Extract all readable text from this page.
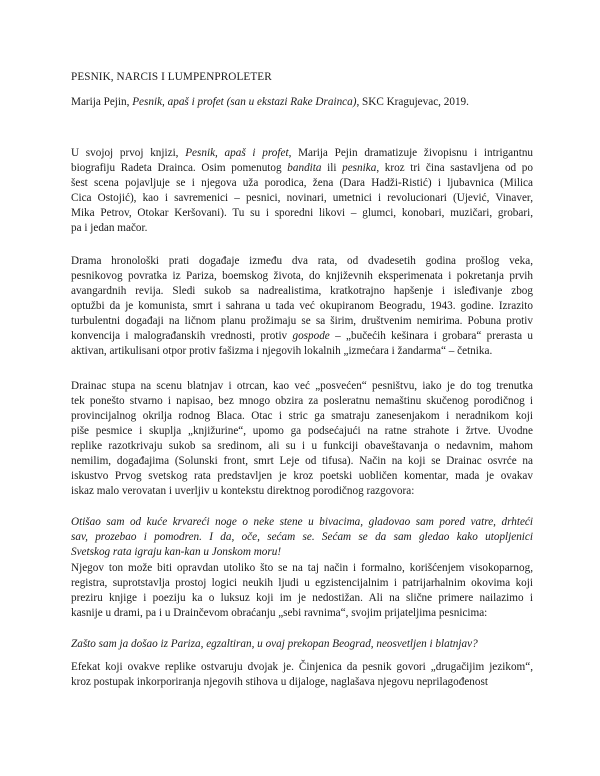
PESNIK, NARCIS I LUMPENPROLETER
Marija Pejin, Pesnik, apaš i profet (san u ekstazi Rake Drainca), SKC Kragujevac, 2019.

U svojoj prvoj knjizi, Pesnik, apaš i profet, Marija Pejin dramatizuje živopisnu i intrigantnu
biografiju Radeta Drainca. Osim pomenutog bandita ili pesnika, kroz tri čina sastavljena od po
šest scena pojavljuje se i njegova uža porodica, žena (Dara Hadži-Ristić) i ljubavnica (Milica
Cica Ostojić), kao i savremenici – pesnici, novinari, umetnici i revolucionari (Ujević, Vinaver,
Mika Petrov, Otokar Keršovani). Tu su i sporedni likovi – glumci, konobari, muzičari, grobari,
pa i jedan mačor.

Drama hronološki prati događaje između dva rata, od dvadesetih godina prošlog veka,
pesnikovog povratka iz Pariza, boemskog života, do književnih eksperimenata i pokretanja prvih
avangardnih revija. Sledi sukob sa nadrealistima, kratkotrajno hapšenje i isleđivanje zbog
optužbi da je komunista, smrt i sahrana u tada već okupiranom Beogradu, 1943. godine. Izrazito
turbulentni događaji na ličnom planu prožimaju se sa širim, društvenim nemirima. Pobuna protiv
konvencija i malograđanskih vrednosti, protiv gospode – „bučećih kešinara i grobara“ prerasta u
aktivan, artikulisani otpor protiv fašizma i njegovih lokalnih „izmećara i žandarma“ – četnika.

Drainac stupa na scenu blatnjav i otrcan, kao već „posvećen“ pesništvu, iako je do tog trenutka
tek ponešto stvarno i napisao, bez mnogo obzira za posleratnu nemaštinu skučenog porodičnog i
provincijalnog okrilja rodnog Blaca. Otac i stric ga smatraju zanesenjakom i neradnikom koji
piše pesmice i skuplja „knjižurine“, upomo ga podsećajući na ratne strahote i žrtve. Uvodne
replike razotkrivaju sukob sa sredinom, ali su i u funkciji obaveštavanja o nedavnim, mahom
nemilim, događajima (Solunski front, smrt Leje od tifusa). Način na koji se Drainac osvrće na
iskustvo Prvog svetskog rata predstavljen je kroz poetski uobličen komentar, mada je ovakav
iskaz malo verovatan i uverljiv u kontekstu direktnog porodičnog razgovora:

Otišao sam od kuće krvareći noge o neke stene u bivacima, gladovao sam pored vatre, drhteći
sav, prozebao i pomodren. I da, oče, sećam se. Sećam se da sam gledao kako utopljenici
Svetskog rata igraju kan-kan u Jonskom moru!

Njegov ton može biti opravdan utoliko što se na taj način i formalno, korišćenjem visokoparnog,
registra, suprotstavlja prostoj logici neukih ljudi u egzistencijalnim i patrijarhalnim okovima koji
preziru knjige i poeziju ka o luksuz koji im je nedostižan. Ali na slične primere nailazimo i
kasnije u drami, pa i u Drainčevom obraćanju „sebi ravnima“, svojim prijateljima pesnicima:

Zašto sam ja došao iz Pariza, egzaltiran, u ovaj prekopan Beograd, neosvetljen i blatnjav?

Efekat koji ovakve replike ostvaruju dvojak je. Činjenica da pesnik govori „drugačijim jezikom“,
kroz postupak inkorporiranja njegovih stihova u dijaloge, naglašava njegovu neprilagođenost
